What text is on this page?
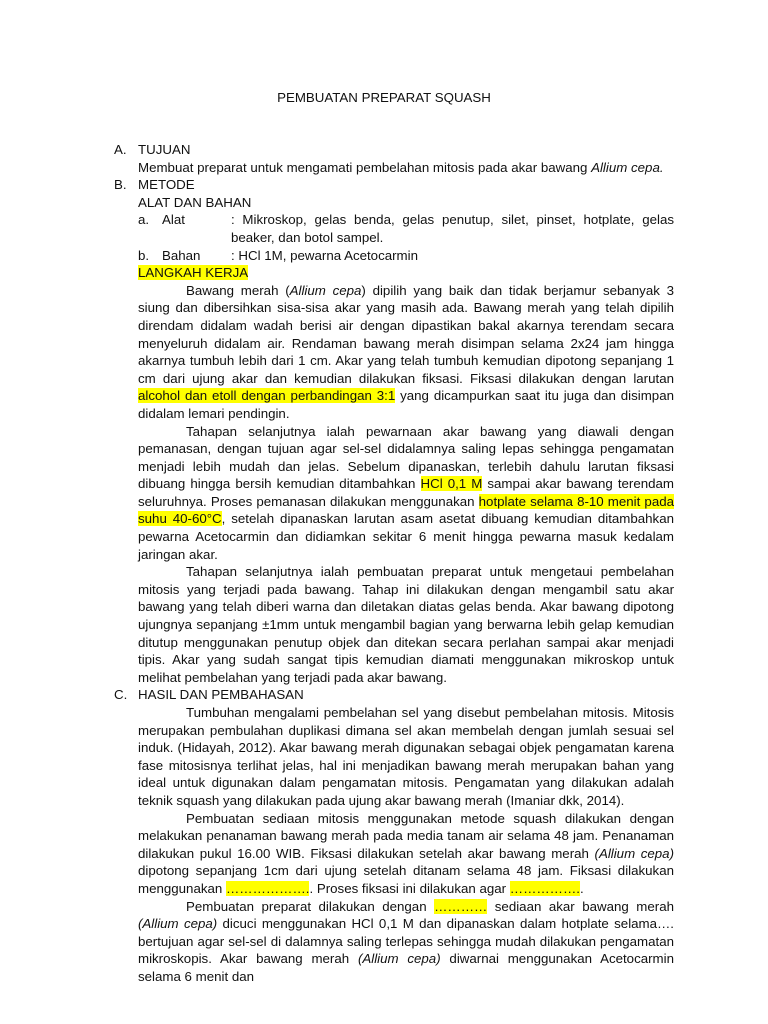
PEMBUATAN PREPARAT SQUASH
A. TUJUAN
Membuat preparat untuk mengamati pembelahan mitosis pada akar bawang Allium cepa.
B. METODE
ALAT DAN BAHAN
a. Alat	: Mikroskop, gelas benda, gelas penutup, silet, pinset, hotplate, gelas beaker, dan botol sampel.
b. Bahan	: HCl 1M, pewarna Acetocarmin
LANGKAH KERJA
Bawang merah (Allium cepa) dipilih yang baik dan tidak berjamur sebanyak 3 siung dan dibersihkan sisa-sisa akar yang masih ada. Bawang merah yang telah dipilih direndam didalam wadah berisi air dengan dipastikan bakal akarnya terendam secara menyeluruh didalam air. Rendaman bawang merah disimpan selama 2x24 jam hingga akarnya tumbuh lebih dari 1 cm. Akar yang telah tumbuh kemudian dipotong sepanjang 1 cm dari ujung akar dan kemudian dilakukan fiksasi. Fiksasi dilakukan dengan larutan alcohol dan etoll dengan perbandingan 3:1 yang dicampurkan saat itu juga dan disimpan didalam lemari pendingin.
Tahapan selanjutnya ialah pewarnaan akar bawang yang diawali dengan pemanasan, dengan tujuan agar sel-sel didalamnya saling lepas sehingga pengamatan menjadi lebih mudah dan jelas. Sebelum dipanaskan, terlebih dahulu larutan fiksasi dibuang hingga bersih kemudian ditambahkan HCl 0,1 M sampai akar bawang terendam seluruhnya. Proses pemanasan dilakukan menggunakan hotplate selama 8-10 menit pada suhu 40-60°C, setelah dipanaskan larutan asam asetat dibuang kemudian ditambahkan pewarna Acetocarmin dan didiamkan sekitar 6 menit hingga pewarna masuk kedalam jaringan akar.
Tahapan selanjutnya ialah pembuatan preparat untuk mengetaui pembelahan mitosis yang terjadi pada bawang. Tahap ini dilakukan dengan mengambil satu akar bawang yang telah diberi warna dan diletakan diatas gelas benda. Akar bawang dipotong ujungnya sepanjang ±1mm untuk mengambil bagian yang berwarna lebih gelap kemudian ditutup menggunakan penutup objek dan ditekan secara perlahan sampai akar menjadi tipis. Akar yang sudah sangat tipis kemudian diamati menggunakan mikroskop untuk melihat pembelahan yang terjadi pada akar bawang.
C. HASIL DAN PEMBAHASAN
Tumbuhan mengalami pembelahan sel yang disebut pembelahan mitosis. Mitosis merupakan pembulahan duplikasi dimana sel akan membelah dengan jumlah sesuai sel induk. (Hidayah, 2012). Akar bawang merah digunakan sebagai objek pengamatan karena fase mitosisnya terlihat jelas, hal ini menjadikan bawang merah merupakan bahan yang ideal untuk digunakan dalam pengamatan mitosis. Pengamatan yang dilakukan adalah teknik squash yang dilakukan pada ujung akar bawang merah (Imaniar dkk, 2014).
Pembuatan sediaan mitosis menggunakan metode squash dilakukan dengan melakukan penanaman bawang merah pada media tanam air selama 48 jam. Penanaman dilakukan pukul 16.00 WIB. Fiksasi dilakukan setelah akar bawang merah (Allium cepa) dipotong sepanjang 1cm dari ujung setelah ditanam selama 48 jam. Fiksasi dilakukan menggunakan ……………….. Proses fiksasi ini dilakukan agar ……………..
Pembuatan preparat dilakukan dengan ………… sediaan akar bawang merah (Allium cepa) dicuci menggunakan HCl 0,1 M dan dipanaskan dalam hotplate selama…. bertujuan agar sel-sel di dalamnya saling terlepas sehingga mudah dilakukan pengamatan mikroskopis. Akar bawang merah (Allium cepa) diwarnai menggunakan Acetocarmin selama 6 menit dan
